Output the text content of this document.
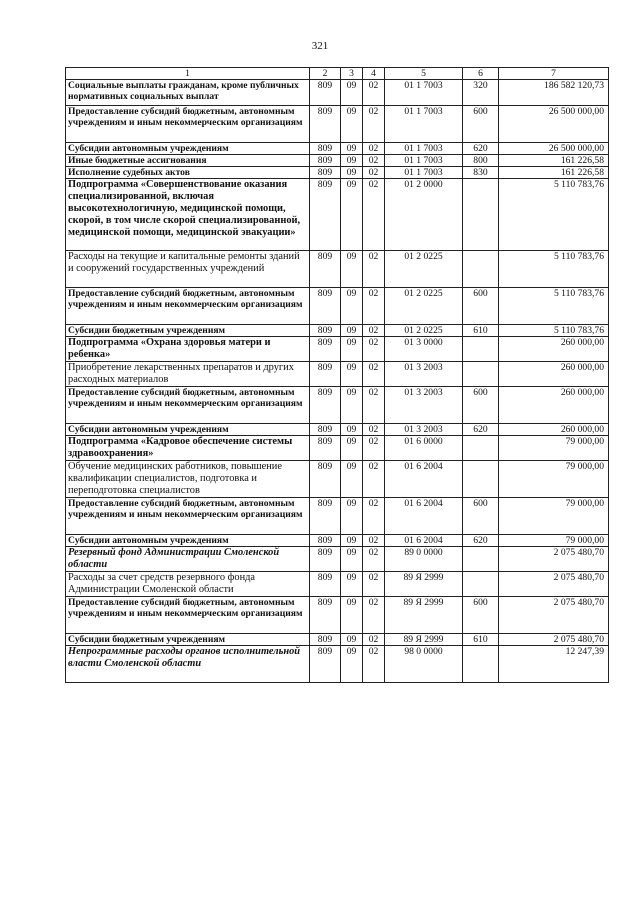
321
1	2	3	4	5	6	7
Социальные выплаты гражданам, кроме публичных нормативных социальных выплат	809	09	02	01 1 7003	320	186 582 120,73
Предоставление субсидий бюджетным, автономным учреждениям и иным некоммерческим организациям	809	09	02	01 1 7003	600	26 500 000,00
Субсидии автономным учреждениям	809	09	02	01 1 7003	620	26 500 000,00
Иные бюджетные ассигнования	809	09	02	01 1 7003	800	161 226,58
Исполнение судебных актов	809	09	02	01 1 7003	830	161 226,58
Подпрограмма «Совершенствование оказания специализированной, включая высокотехнологичную, медицинской помощи, скорой, в том числе скорой специализированной, медицинской помощи, медицинской эвакуации»	809	09	02	01 2 0000		5 110 783,76
Расходы на текущие и капитальные ремонты зданий и сооружений государственных учреждений	809	09	02	01 2 0225		5 110 783,76
Предоставление субсидий бюджетным, автономным учреждениям и иным некоммерческим организациям	809	09	02	01 2 0225	600	5 110 783,76
Субсидии бюджетным учреждениям	809	09	02	01 2 0225	610	5 110 783,76
Подпрограмма «Охрана здоровья матери и ребенка»	809	09	02	01 3 0000		260 000,00
Приобретение лекарственных препаратов и других расходных материалов	809	09	02	01 3 2003		260 000,00
Предоставление субсидий бюджетным, автономным учреждениям и иным некоммерческим организациям	809	09	02	01 3 2003	600	260 000,00
Субсидии автономным учреждениям	809	09	02	01 3 2003	620	260 000,00
Подпрограмма «Кадровое обеспечение системы здравоохранения»	809	09	02	01 6 0000		79 000,00
Обучение медицинских работников, повышение квалификации специалистов, подготовка и переподготовка специалистов	809	09	02	01 6 2004		79 000,00
Предоставление субсидий бюджетным, автономным учреждениям и иным некоммерческим организациям	809	09	02	01 6 2004	600	79 000,00
Субсидии автономным учреждениям	809	09	02	01 6 2004	620	79 000,00
Резервный фонд Администрации Смоленской области	809	09	02	89 0 0000		2 075 480,70
Расходы за счет средств резервного фонда Администрации Смоленской области	809	09	02	89 Я 2999		2 075 480,70
Предоставление субсидий бюджетным, автономным учреждениям и иным некоммерческим организациям	809	09	02	89 Я 2999	600	2 075 480,70
Субсидии бюджетным учреждениям	809	09	02	89 Я 2999	610	2 075 480,70
Непрограммные расходы органов исполнительной власти Смоленской области	809	09	02	98 0 0000		12 247,39
